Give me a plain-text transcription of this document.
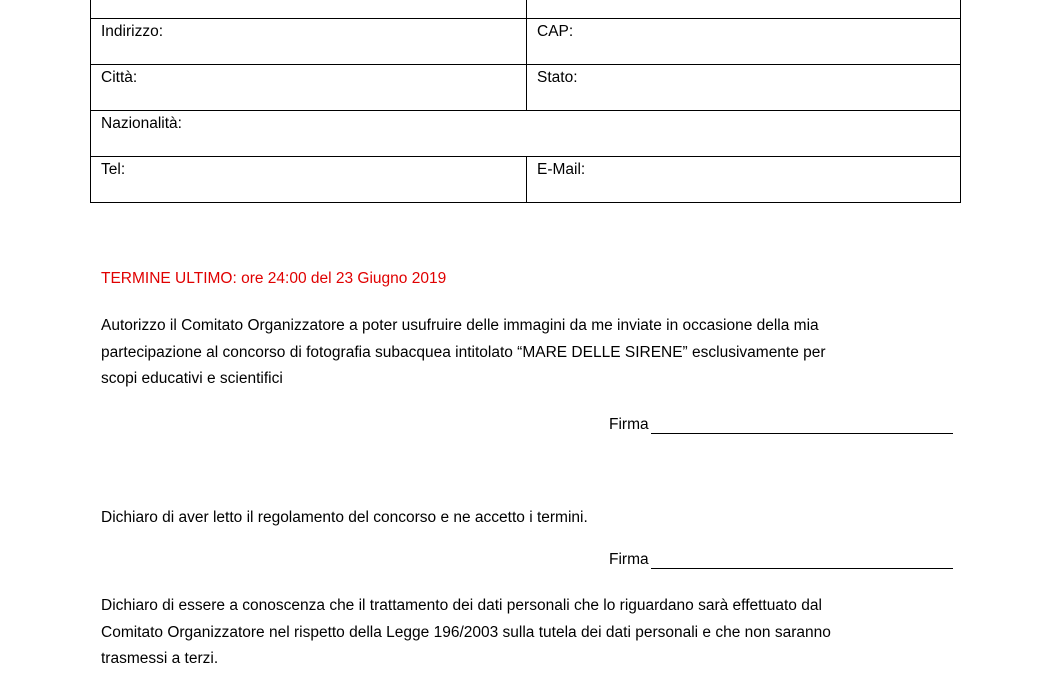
Indirizzo:	CAP:
Città:	Stato:
Nazionalità:	
Tel:	E-Mail:
TERMINE ULTIMO: ore 24:00 del 23 Giugno 2019
Autorizzo il Comitato Organizzatore a poter usufruire delle immagini da me inviate in occasione della mia
partecipazione al concorso di fotografia subacquea intitolato “MARE DELLE SIRENE” esclusivamente per
scopi educativi e scientifici
Firma
Dichiaro di aver letto il regolamento del concorso e ne accetto i termini.
Firma
Dichiaro di essere a conoscenza che il trattamento dei dati personali che lo riguardano sarà effettuato dal
Comitato Organizzatore nel rispetto della Legge 196/2003 sulla tutela dei dati personali e che non saranno
trasmessi a terzi.
